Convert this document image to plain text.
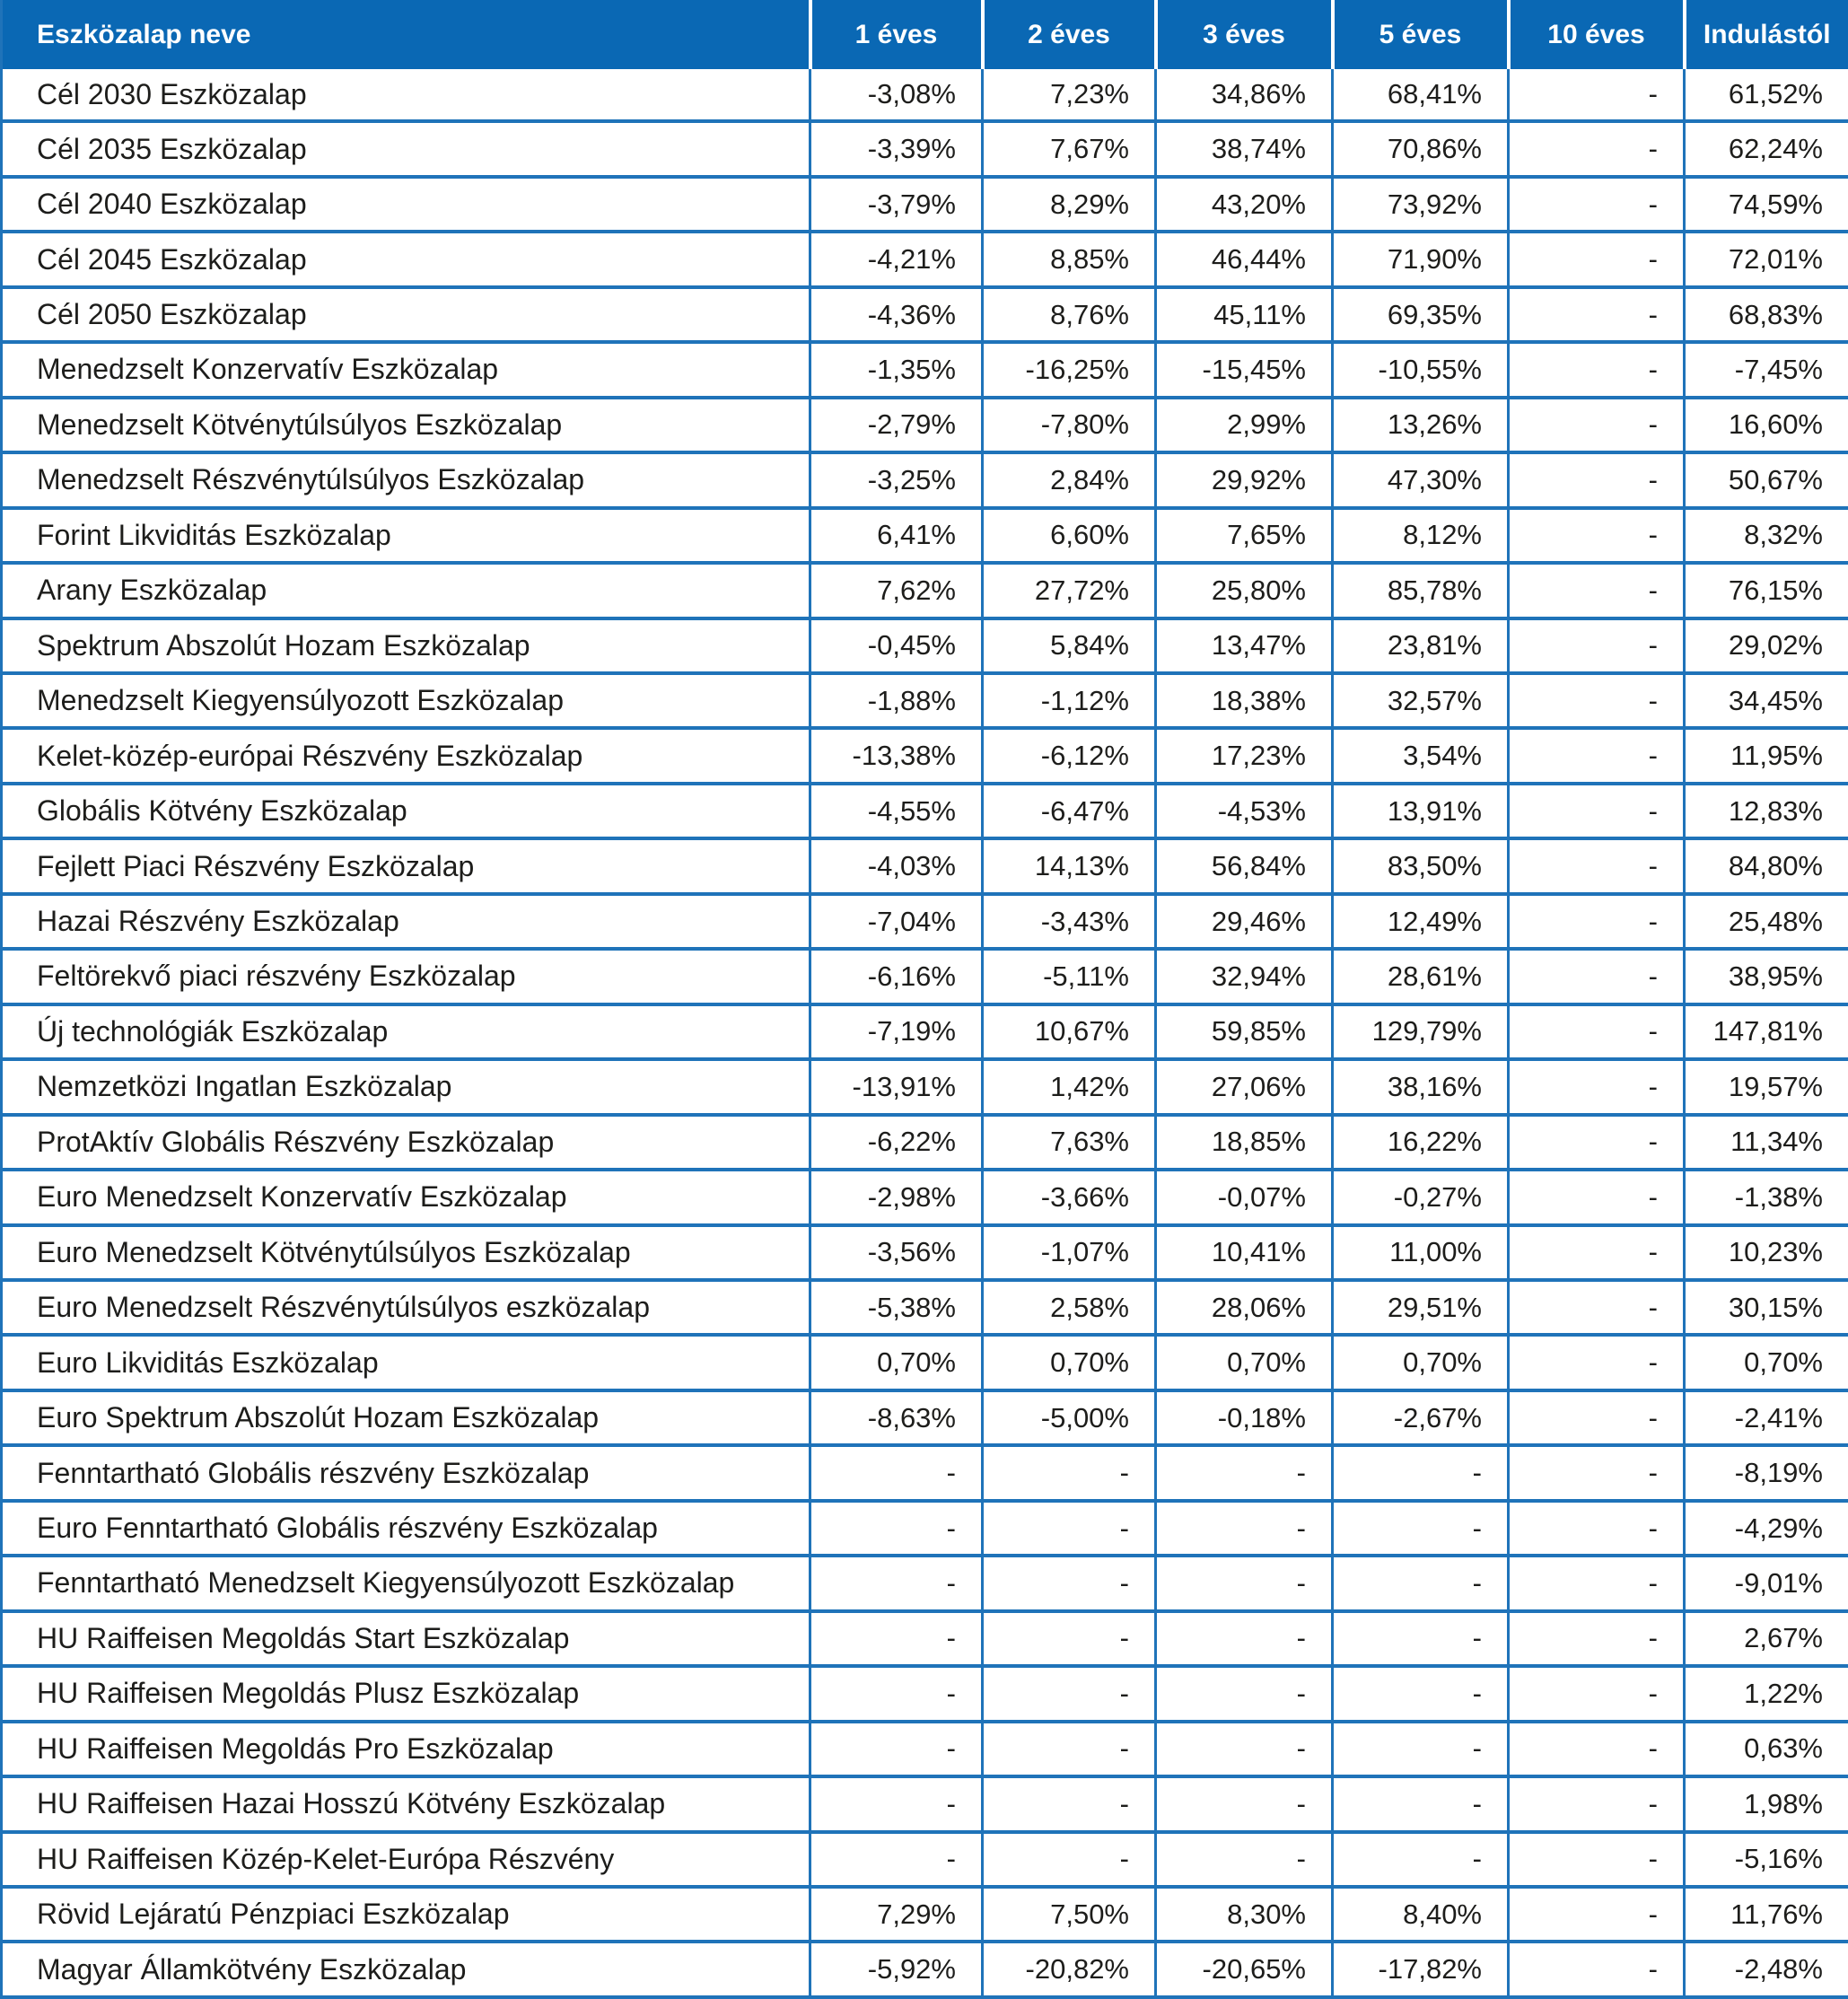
Eszközalap neve	1 éves	2 éves	3 éves	5 éves	10 éves	Indulástól
Cél 2030 Eszközalap	-3,08%	7,23%	34,86%	68,41%	-	61,52%
Cél 2035 Eszközalap	-3,39%	7,67%	38,74%	70,86%	-	62,24%
Cél 2040 Eszközalap	-3,79%	8,29%	43,20%	73,92%	-	74,59%
Cél 2045 Eszközalap	-4,21%	8,85%	46,44%	71,90%	-	72,01%
Cél 2050 Eszközalap	-4,36%	8,76%	45,11%	69,35%	-	68,83%
Menedzselt Konzervatív Eszközalap	-1,35%	-16,25%	-15,45%	-10,55%	-	-7,45%
Menedzselt Kötvénytúlsúlyos Eszközalap	-2,79%	-7,80%	2,99%	13,26%	-	16,60%
Menedzselt Részvénytúlsúlyos Eszközalap	-3,25%	2,84%	29,92%	47,30%	-	50,67%
Forint Likviditás Eszközalap	6,41%	6,60%	7,65%	8,12%	-	8,32%
Arany Eszközalap	7,62%	27,72%	25,80%	85,78%	-	76,15%
Spektrum Abszolút Hozam Eszközalap	-0,45%	5,84%	13,47%	23,81%	-	29,02%
Menedzselt Kiegyensúlyozott Eszközalap	-1,88%	-1,12%	18,38%	32,57%	-	34,45%
Kelet-közép-európai Részvény Eszközalap	-13,38%	-6,12%	17,23%	3,54%	-	11,95%
Globális Kötvény Eszközalap	-4,55%	-6,47%	-4,53%	13,91%	-	12,83%
Fejlett Piaci Részvény Eszközalap	-4,03%	14,13%	56,84%	83,50%	-	84,80%
Hazai Részvény Eszközalap	-7,04%	-3,43%	29,46%	12,49%	-	25,48%
Feltörekvő piaci részvény Eszközalap	-6,16%	-5,11%	32,94%	28,61%	-	38,95%
Új technológiák Eszközalap	-7,19%	10,67%	59,85%	129,79%	-	147,81%
Nemzetközi Ingatlan Eszközalap	-13,91%	1,42%	27,06%	38,16%	-	19,57%
ProtAktív Globális Részvény Eszközalap	-6,22%	7,63%	18,85%	16,22%	-	11,34%
Euro Menedzselt Konzervatív Eszközalap	-2,98%	-3,66%	-0,07%	-0,27%	-	-1,38%
Euro Menedzselt Kötvénytúlsúlyos Eszközalap	-3,56%	-1,07%	10,41%	11,00%	-	10,23%
Euro Menedzselt Részvénytúlsúlyos eszközalap	-5,38%	2,58%	28,06%	29,51%	-	30,15%
Euro Likviditás Eszközalap	0,70%	0,70%	0,70%	0,70%	-	0,70%
Euro Spektrum Abszolút Hozam Eszközalap	-8,63%	-5,00%	-0,18%	-2,67%	-	-2,41%
Fenntartható Globális részvény Eszközalap	-	-	-	-	-	-8,19%
Euro Fenntartható Globális részvény Eszközalap	-	-	-	-	-	-4,29%
Fenntartható Menedzselt Kiegyensúlyozott Eszközalap	-	-	-	-	-	-9,01%
HU Raiffeisen Megoldás Start Eszközalap	-	-	-	-	-	2,67%
HU Raiffeisen Megoldás Plusz Eszközalap	-	-	-	-	-	1,22%
HU Raiffeisen Megoldás Pro Eszközalap	-	-	-	-	-	0,63%
HU Raiffeisen Hazai Hosszú Kötvény Eszközalap	-	-	-	-	-	1,98%
HU Raiffeisen Közép-Kelet-Európa Részvény	-	-	-	-	-	-5,16%
Rövid Lejáratú Pénzpiaci Eszközalap	7,29%	7,50%	8,30%	8,40%	-	11,76%
Magyar Államkötvény Eszközalap	-5,92%	-20,82%	-20,65%	-17,82%	-	-2,48%
